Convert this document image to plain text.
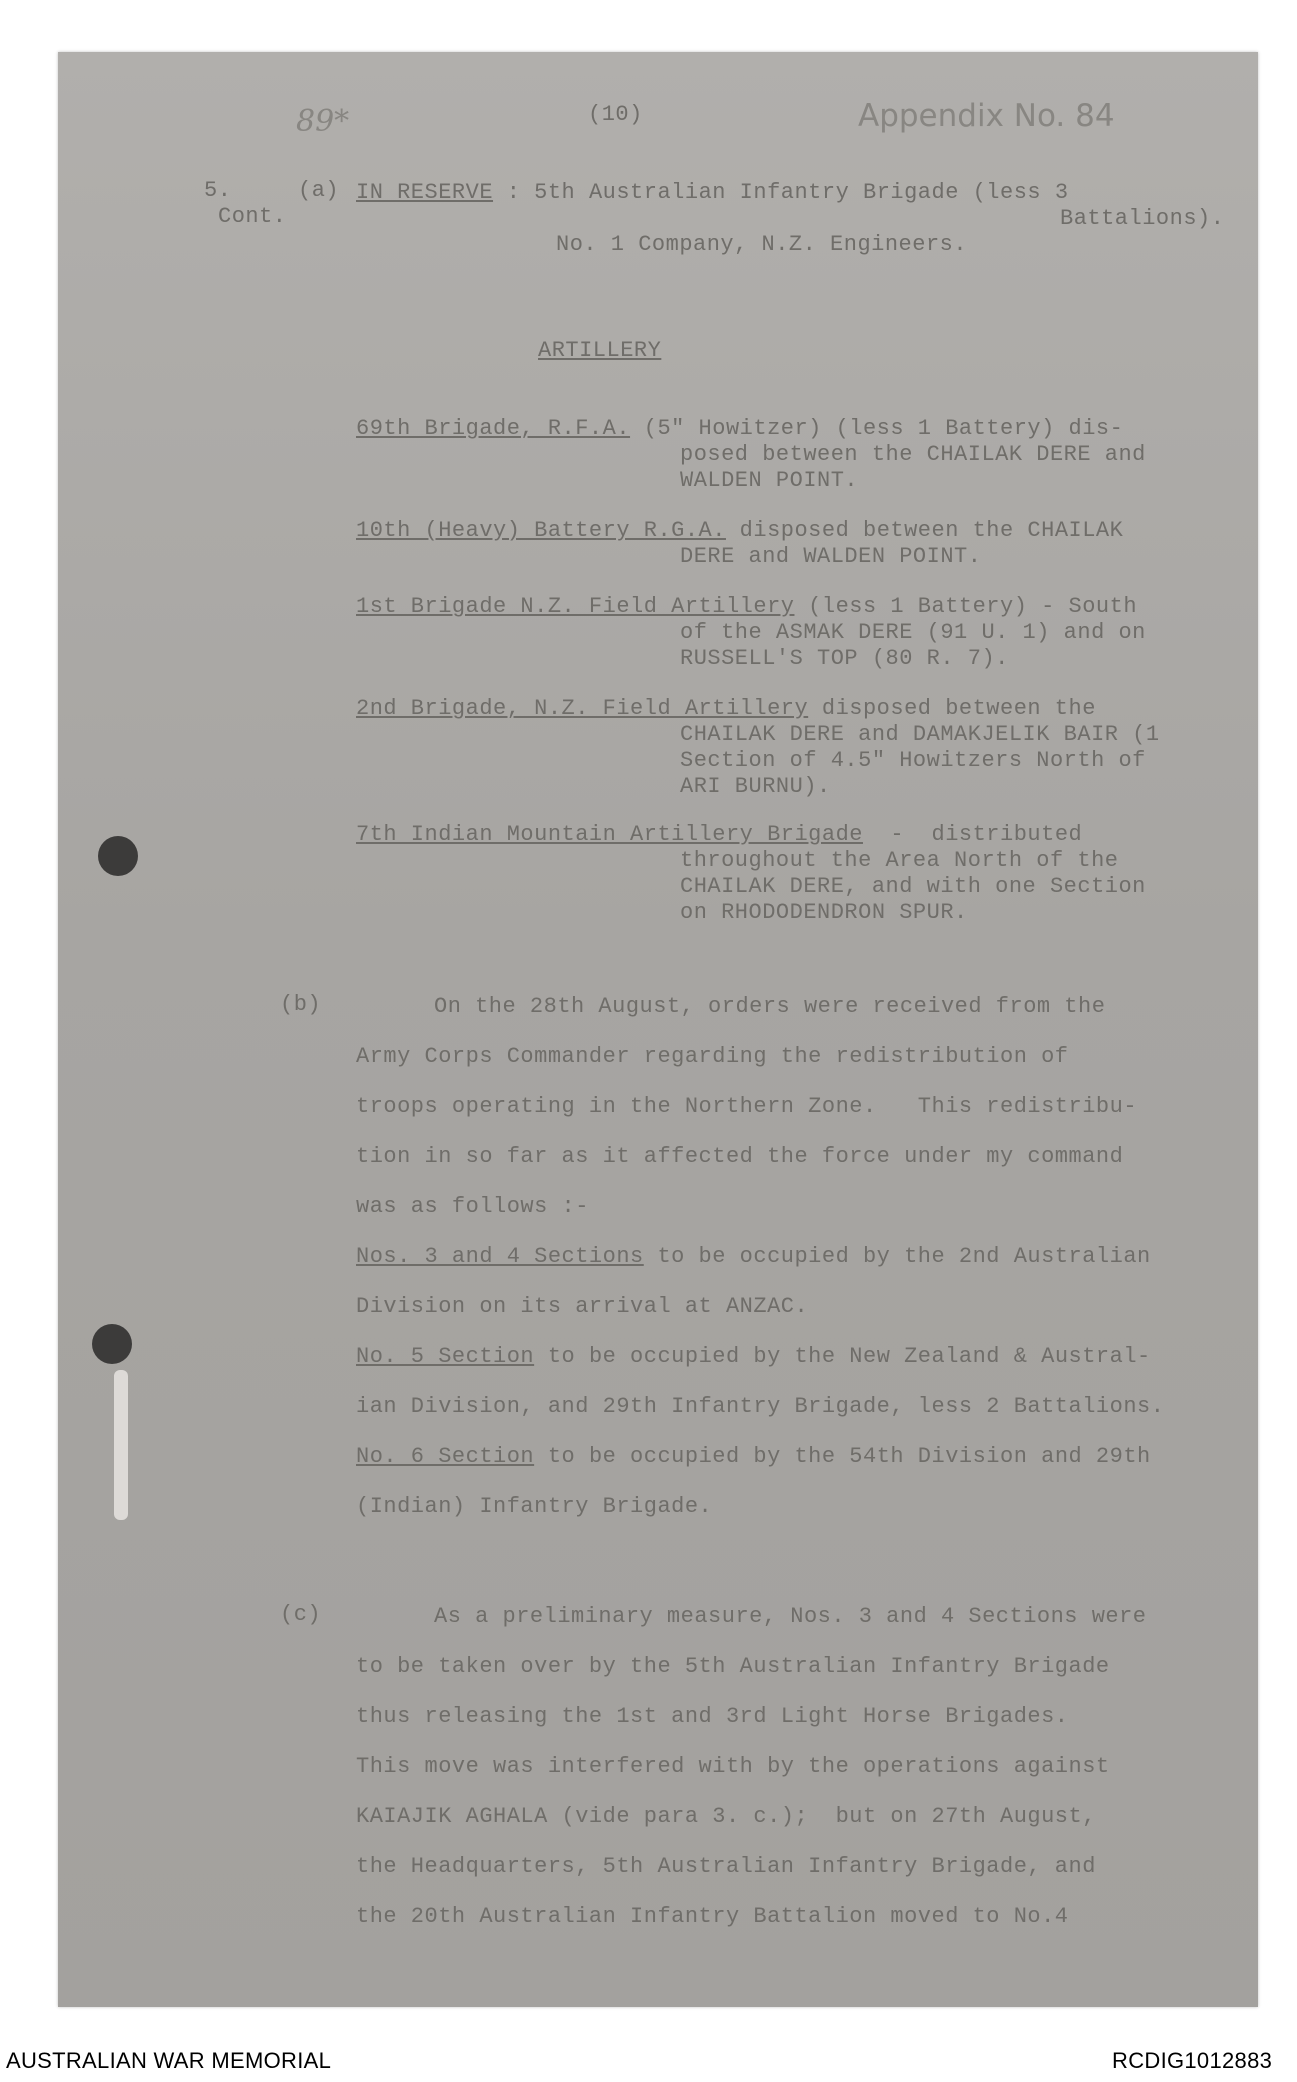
89*	(10)	Appendix No. 84
5.
Cont.
(a) IN RESERVE : 5th Australian Infantry Brigade (less 3
Battalions).
No. 1 Company, N.Z. Engineers.
ARTILLERY
69th Brigade, R.F.A. (5" Howitzer) (less 1 Battery) dis-
posed between the CHAILAK DERE and
WALDEN POINT.
10th (Heavy) Battery R.G.A. disposed between the CHAILAK
DERE and WALDEN POINT.
1st Brigade N.Z. Field Artillery (less 1 Battery) - South
of the ASMAK DERE (91 U. 1) and on
RUSSELL'S TOP (80 R. 7).
2nd Brigade, N.Z. Field Artillery disposed between the
CHAILAK DERE and DAMAKJELIK BAIR (1
Section of 4.5" Howitzers North of
ARI BURNU).
7th Indian Mountain Artillery Brigade  -  distributed
throughout the Area North of the
CHAILAK DERE, and with one Section
on RHODODENDRON SPUR.
(b)	On the 28th August, orders were received from the
Army Corps Commander regarding the redistribution of
troops operating in the Northern Zone.   This redistribu-
tion in so far as it affected the force under my command
was as follows :-
Nos. 3 and 4 Sections to be occupied by the 2nd Australian
Division on its arrival at ANZAC.
No. 5 Section to be occupied by the New Zealand & Austral-
ian Division, and 29th Infantry Brigade, less 2 Battalions.
No. 6 Section to be occupied by the 54th Division and 29th
(Indian) Infantry Brigade.
(c)	As a preliminary measure, Nos. 3 and 4 Sections were
to be taken over by the 5th Australian Infantry Brigade
thus releasing the 1st and 3rd Light Horse Brigades.
This move was interfered with by the operations against
KAIAJIK AGHALA (vide para 3. c.);  but on 27th August,
the Headquarters, 5th Australian Infantry Brigade, and
the 20th Australian Infantry Battalion moved to No.4
AUSTRALIAN WAR MEMORIAL	RCDIG1012883
